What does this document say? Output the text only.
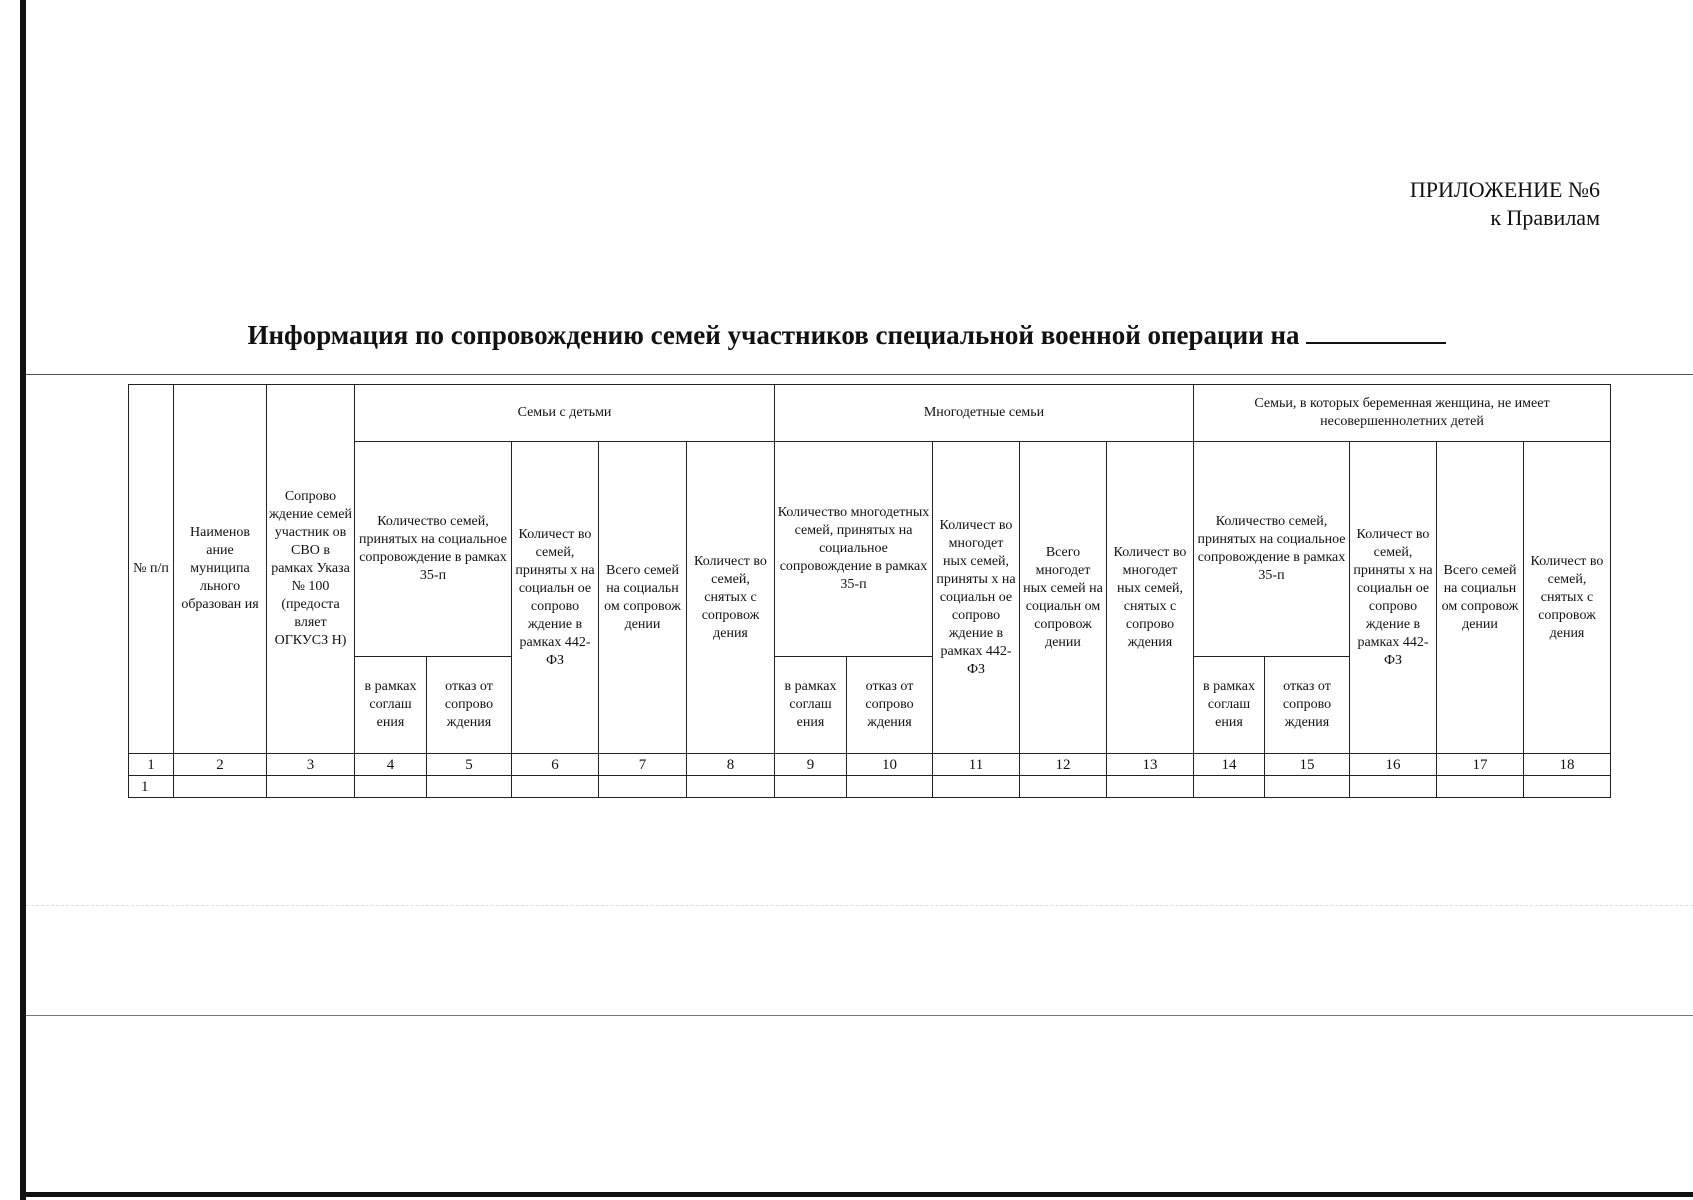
ПРИЛОЖЕНИЕ №6
к Правилам
Информация по сопровождению семей участников специальной военной операции на
№ п/п	Наименов ание муниципа льного образован ия	Сопрово ждение семей участник ов СВО в рамках Указа № 100 (предоста вляет ОГКУСЗ Н)	Семьи с детьми					Многодетные семьи					Семьи, в которых беременная женщина, не имеет несовершеннолетних детей				
			Количество семей, принятых на социальное сопровождение в рамках 35-п		Количест во семей, приняты х на социальн ое сопрово ждение в рамках 442-ФЗ	Всего семей на социальн ом сопровож дении	Количест во семей, снятых с сопровож дения	Количество многодетных семей, принятых на социальное сопровождение в рамках 35-п		Количест во многодет ных семей, приняты х на социальн ое сопрово ждение в рамках 442-ФЗ	Всего многодет ных семей на социальн ом сопровож дении	Количест во многодет ных семей, снятых с сопрово ждения	Количество семей, принятых на социальное сопровождение в рамках 35-п		Количест во семей, приняты х на социальн ое сопрово ждение в рамках 442-ФЗ	Всего семей на социальн ом сопровож дении	Количест во семей, снятых с сопровож дения
			в рамках соглаш ения	отказ от сопрово ждения				в рамках соглаш ения	отказ от сопрово ждения				в рамках соглаш ения	отказ от сопрово ждения			
1	2	3	4	5	6	7	8	9	10	11	12	13	14	15	16	17	18
1																	
